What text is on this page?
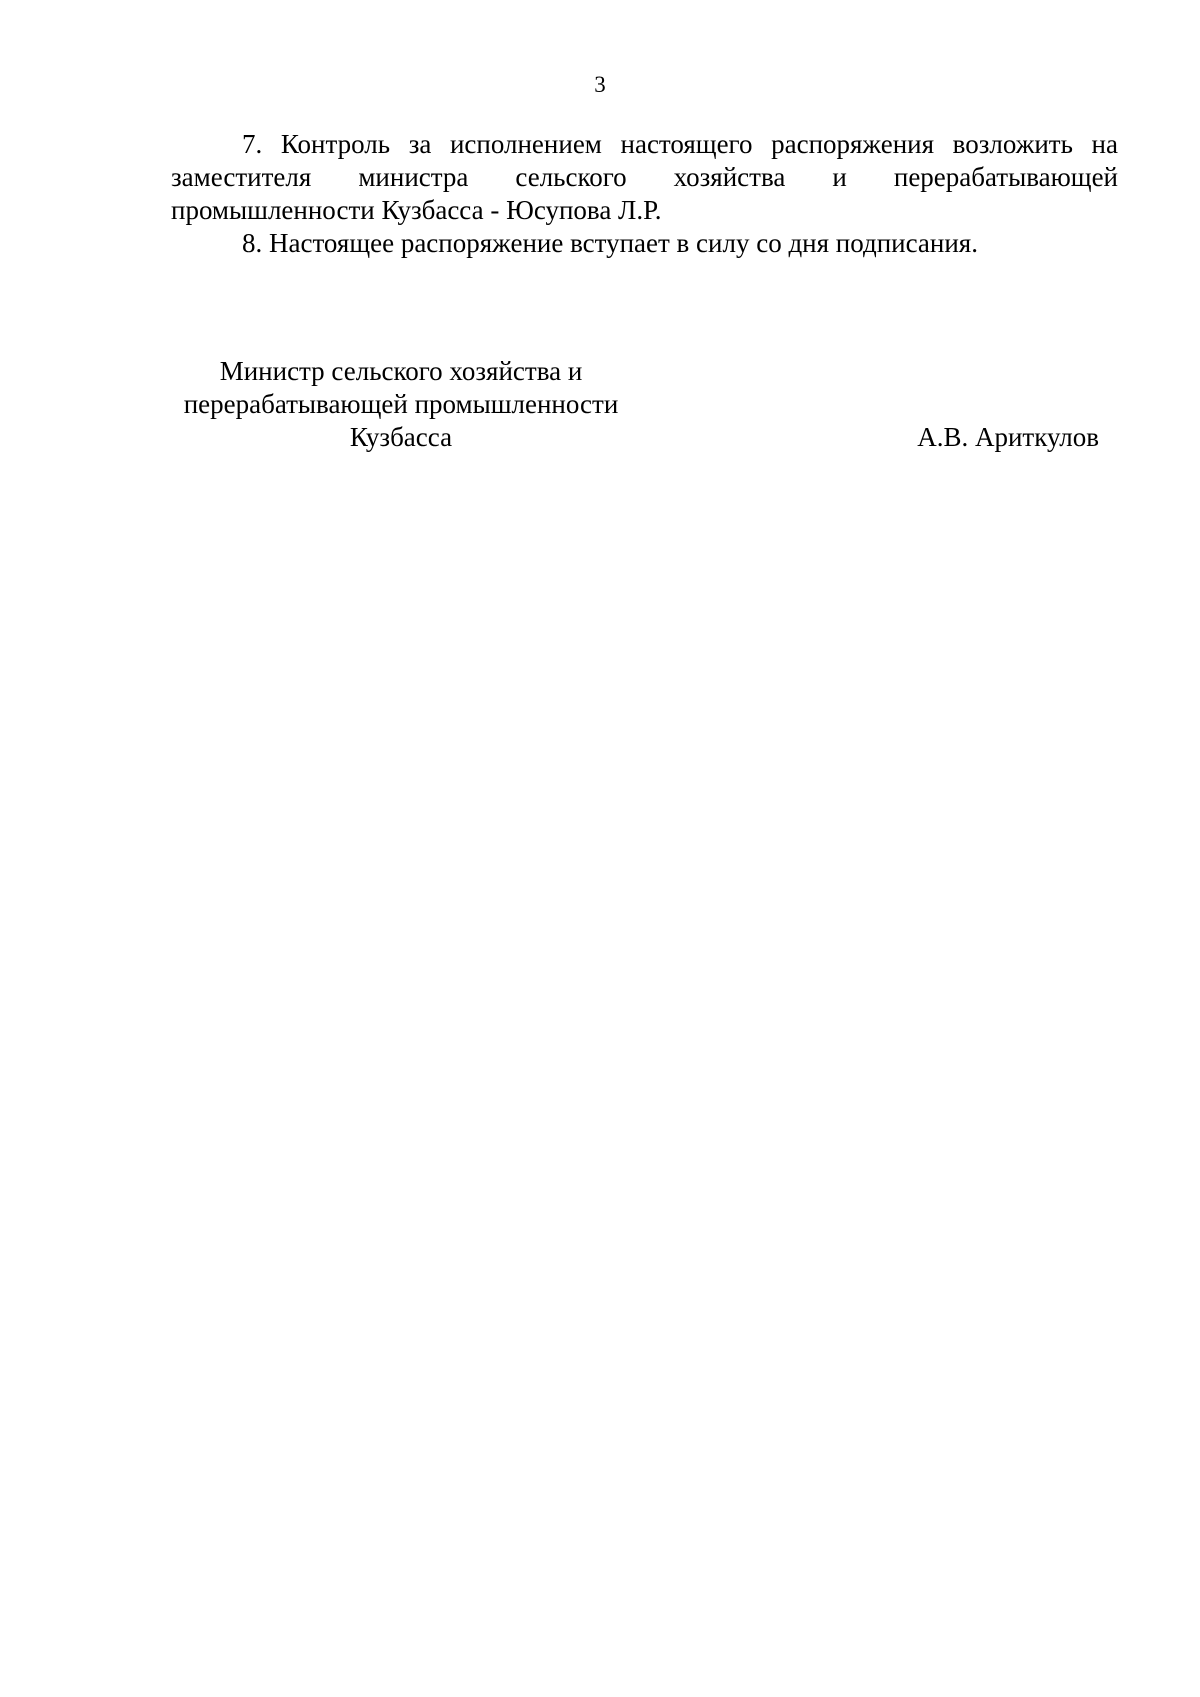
3

7. Контроль за исполнением настоящего распоряжения возложить на заместителя министра сельского хозяйства и перерабатывающей промышленности Кузбасса - Юсупова Л.Р.

8. Настоящее распоряжение вступает в силу со дня подписания.

Министр сельского хозяйства и
перерабатывающей промышленности
Кузбасса	А.В. Ариткулов
